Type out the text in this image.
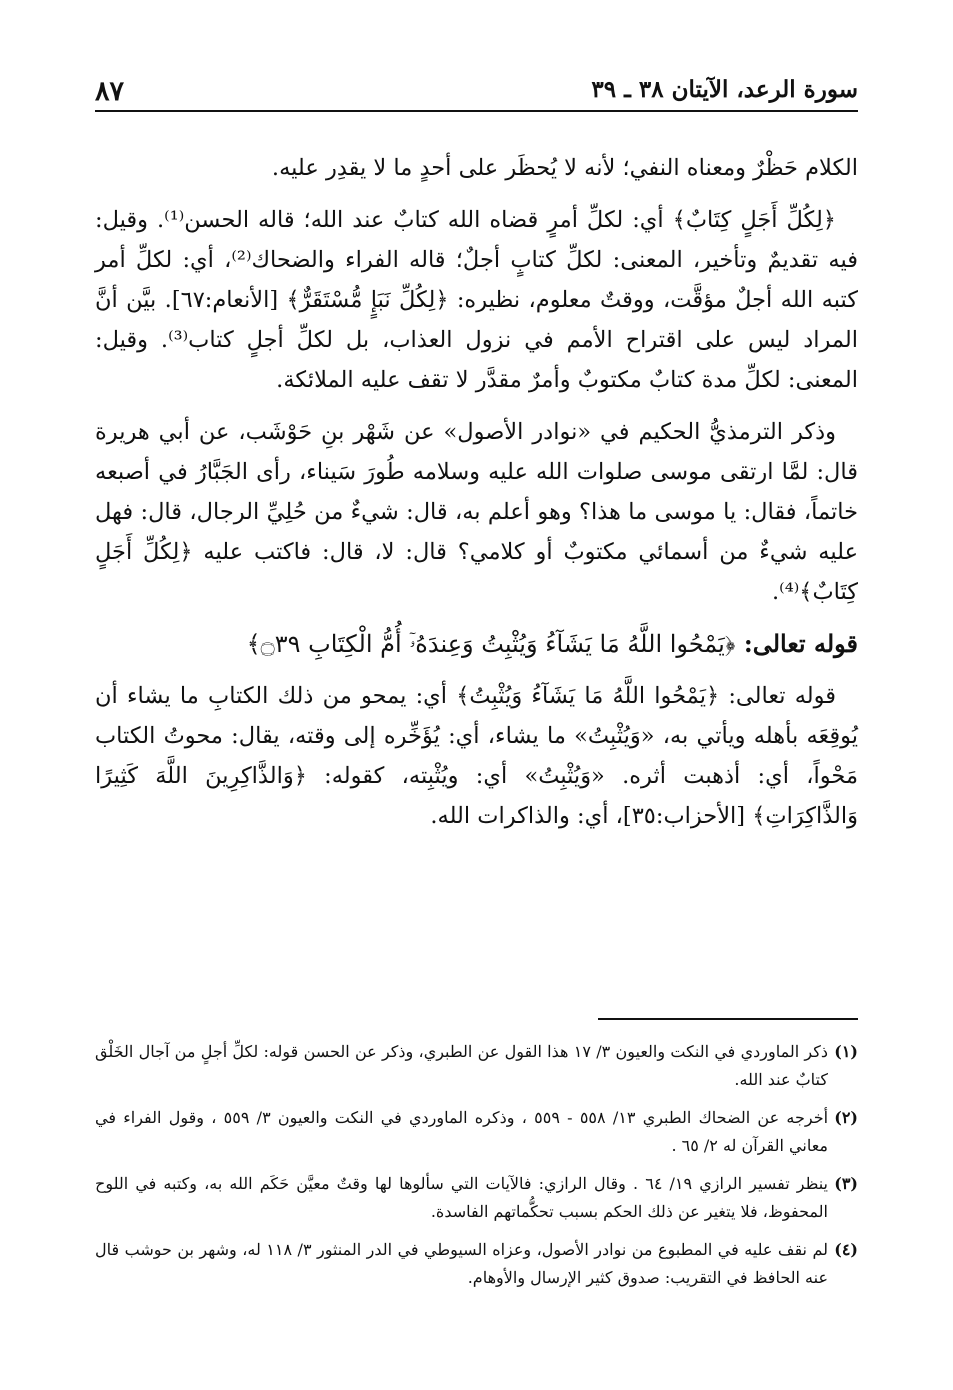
٨٧	سورة الرعد، الآيتان ٣٨ ـ ٣٩

الكلام حَظْرٌ ومعناه النفي؛ لأنه لا يُحظَر على أحدٍ ما لا يقدِر عليه.

﴿لِكُلِّ أَجَلٍ كِتَابٌ﴾ أي: لكلِّ أمرٍ قضاه الله كتابٌ عند الله؛ قاله الحسن⁽¹⁾. وقيل: فيه تقديمٌ وتأخير، المعنى: لكلِّ كتابٍ أجلٌ؛ قاله الفراء والضحاك⁽²⁾، أي: لكلِّ أمر كتبه الله أجلٌ مؤقَّت، ووقتٌ معلوم، نظيره: ﴿لِكُلِّ نَبَإٍ مُّسْتَقَرٌّ﴾ [الأنعام:٦٧]. بيَّن أنَّ المراد ليس على اقتراح الأمم في نزول العذاب، بل لكلِّ أجلٍ كتاب⁽³⁾. وقيل: المعنى: لكلِّ مدة كتابٌ مكتوبٌ وأمرٌ مقدَّر لا تقف عليه الملائكة.

وذكر الترمذيُّ الحكيم في «نوادر الأصول» عن شَهْر بنِ حَوْشَب، عن أبي هريرة قال: لمَّا ارتقى موسى صلوات الله عليه وسلامه طُورَ سَيناء، رأى الجَبَّارُ في أصبعه خاتماً، فقال: يا موسى ما هذا؟ وهو أعلم به، قال: شيءٌ من حُلِيِّ الرجال، قال: فهل عليه شيءٌ من أسمائي مكتوبٌ أو كلامي؟ قال: لا، قال: فاكتب عليه ﴿لِكُلِّ أَجَلٍ كِتَابٌ﴾⁽⁴⁾.

قوله تعالى: ﴿يَمْحُوا اللَّهُ مَا يَشَآءُ وَيُثْبِتُ وَعِندَهُۥٓ أُمُّ الْكِتَابِ ۝٣٩﴾

قوله تعالى: ﴿يَمْحُوا اللَّهُ مَا يَشَآءُ وَيُثْبِتُ﴾ أي: يمحو من ذلك الكتابِ ما يشاء أن يُوقِعَه بأهله ويأتي به، «وَيُثْبِتُ» ما يشاء، أي: يُؤَخِّره إلى وقته، يقال: محوتُ الكتاب مَحْواً، أي: أذهبت أثره. «وَيُثْبِتُ» أي: ويُثْبِته، كقوله: ﴿وَالذَّاكِرِينَ اللَّهَ كَثِيرًا وَالذَّاكِرَاتِ﴾ [الأحزاب:٣٥]، أي: والذاكرات الله.

(١)
ذكر الماوردي في النكت والعيون ٣/ ١٧ هذا القول عن الطبري، وذكر عن الحسن قوله: لكلِّ أجلٍ من آجال الخَلْق كتابٌ عند الله.
(٢)
أخرجه عن الضحاك الطبري ١٣/ ٥٥٨ - ٥٥٩ ، وذكره الماوردي في النكت والعيون ٣/ ٥٥٩ ، وقول الفراء في معاني القرآن له ٢/ ٦٥ .
(٣)
ينظر تفسير الرازي ١٩/ ٦٤ . وقال الرازي: فالآيات التي سألوها لها وقتٌ معيَّن حَكَم الله به، وكتبه في اللوح المحفوظ، فلا يتغير عن ذلك الحكم بسبب تحكُّماتهم الفاسدة.
(٤)
لم نقف عليه في المطبوع من نوادر الأصول، وعزاه السيوطي في الدر المنثور ٣/ ١١٨ له، وشهر بن حوشب قال عنه الحافظ في التقريب: صدوق كثير الإرسال والأوهام.
